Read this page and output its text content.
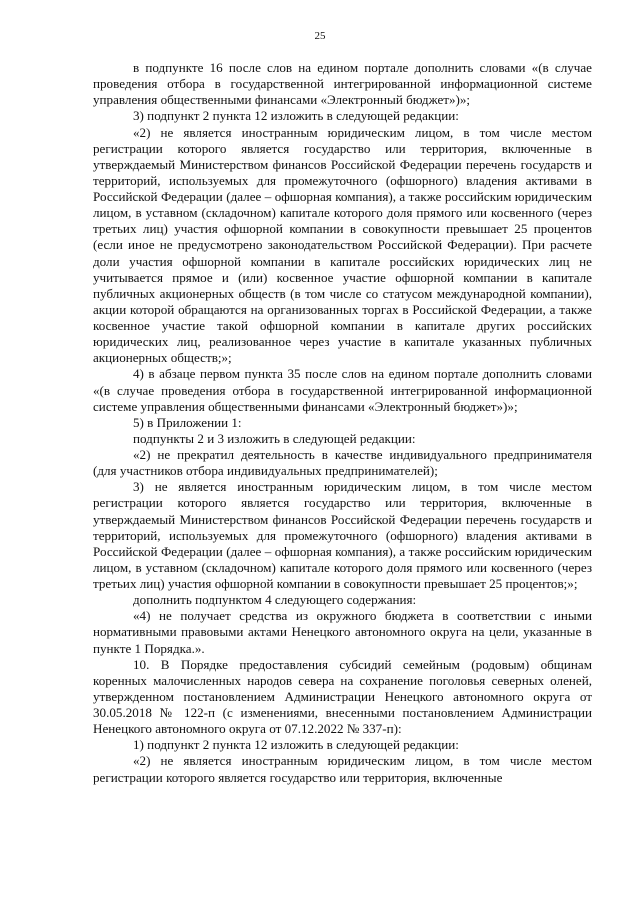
25

в подпункте 16 после слов на едином портале дополнить словами «(в случае проведения отбора в государственной интегрированной информационной системе управления общественными финансами «Электронный бюджет»)»;

3) подпункт 2 пункта 12 изложить в следующей редакции:

«2) не является иностранным юридическим лицом, в том числе местом регистрации которого является государство или территория, включенные в утверждаемый Министерством финансов Российской Федерации перечень государств и территорий, используемых для промежуточного (офшорного) владения активами в Российской Федерации (далее – офшорная компания), а также российским юридическим лицом, в уставном (складочном) капитале которого доля прямого или косвенного (через третьих лиц) участия офшорной компании в совокупности превышает 25 процентов (если иное не предусмотрено законодательством Российской Федерации). При расчете доли участия офшорной компании в капитале российских юридических лиц не учитывается прямое и (или) косвенное участие офшорной компании в капитале публичных акционерных обществ (в том числе со статусом международной компании), акции которой обращаются на организованных торгах в Российской Федерации, а также косвенное участие такой офшорной компании в капитале других российских юридических лиц, реализованное через участие в капитале указанных публичных акционерных обществ;»;

4) в абзаце первом пункта 35 после слов на едином портале дополнить словами «(в случае проведения отбора в государственной интегрированной информационной системе управления общественными финансами «Электронный бюджет»)»;

5) в Приложении 1:

подпункты 2 и 3 изложить в следующей редакции:

«2) не прекратил деятельность в качестве индивидуального предпринимателя (для участников отбора индивидуальных предпринимателей);

3) не является иностранным юридическим лицом, в том числе местом регистрации которого является государство или территория, включенные в утверждаемый Министерством финансов Российской Федерации перечень государств и территорий, используемых для промежуточного (офшорного) владения активами в Российской Федерации (далее – офшорная компания), а также российским юридическим лицом, в уставном (складочном) капитале которого доля прямого или косвенного (через третьих лиц) участия офшорной компании в совокупности превышает 25 процентов;»;

дополнить подпунктом 4 следующего содержания:

«4) не получает средства из окружного бюджета в соответствии с иными нормативными правовыми актами Ненецкого автономного округа на цели, указанные в пункте 1 Порядка.».

10. В Порядке предоставления субсидий семейным (родовым) общинам коренных малочисленных народов севера на сохранение поголовья северных оленей, утвержденном постановлением Администрации Ненецкого автономного округа от 30.05.2018 № 122-п (с изменениями, внесенными постановлением Администрации Ненецкого автономного округа от 07.12.2022 № 337-п):

1) подпункт 2 пункта 12 изложить в следующей редакции:

«2) не является иностранным юридическим лицом, в том числе местом регистрации которого является государство или территория, включенные
